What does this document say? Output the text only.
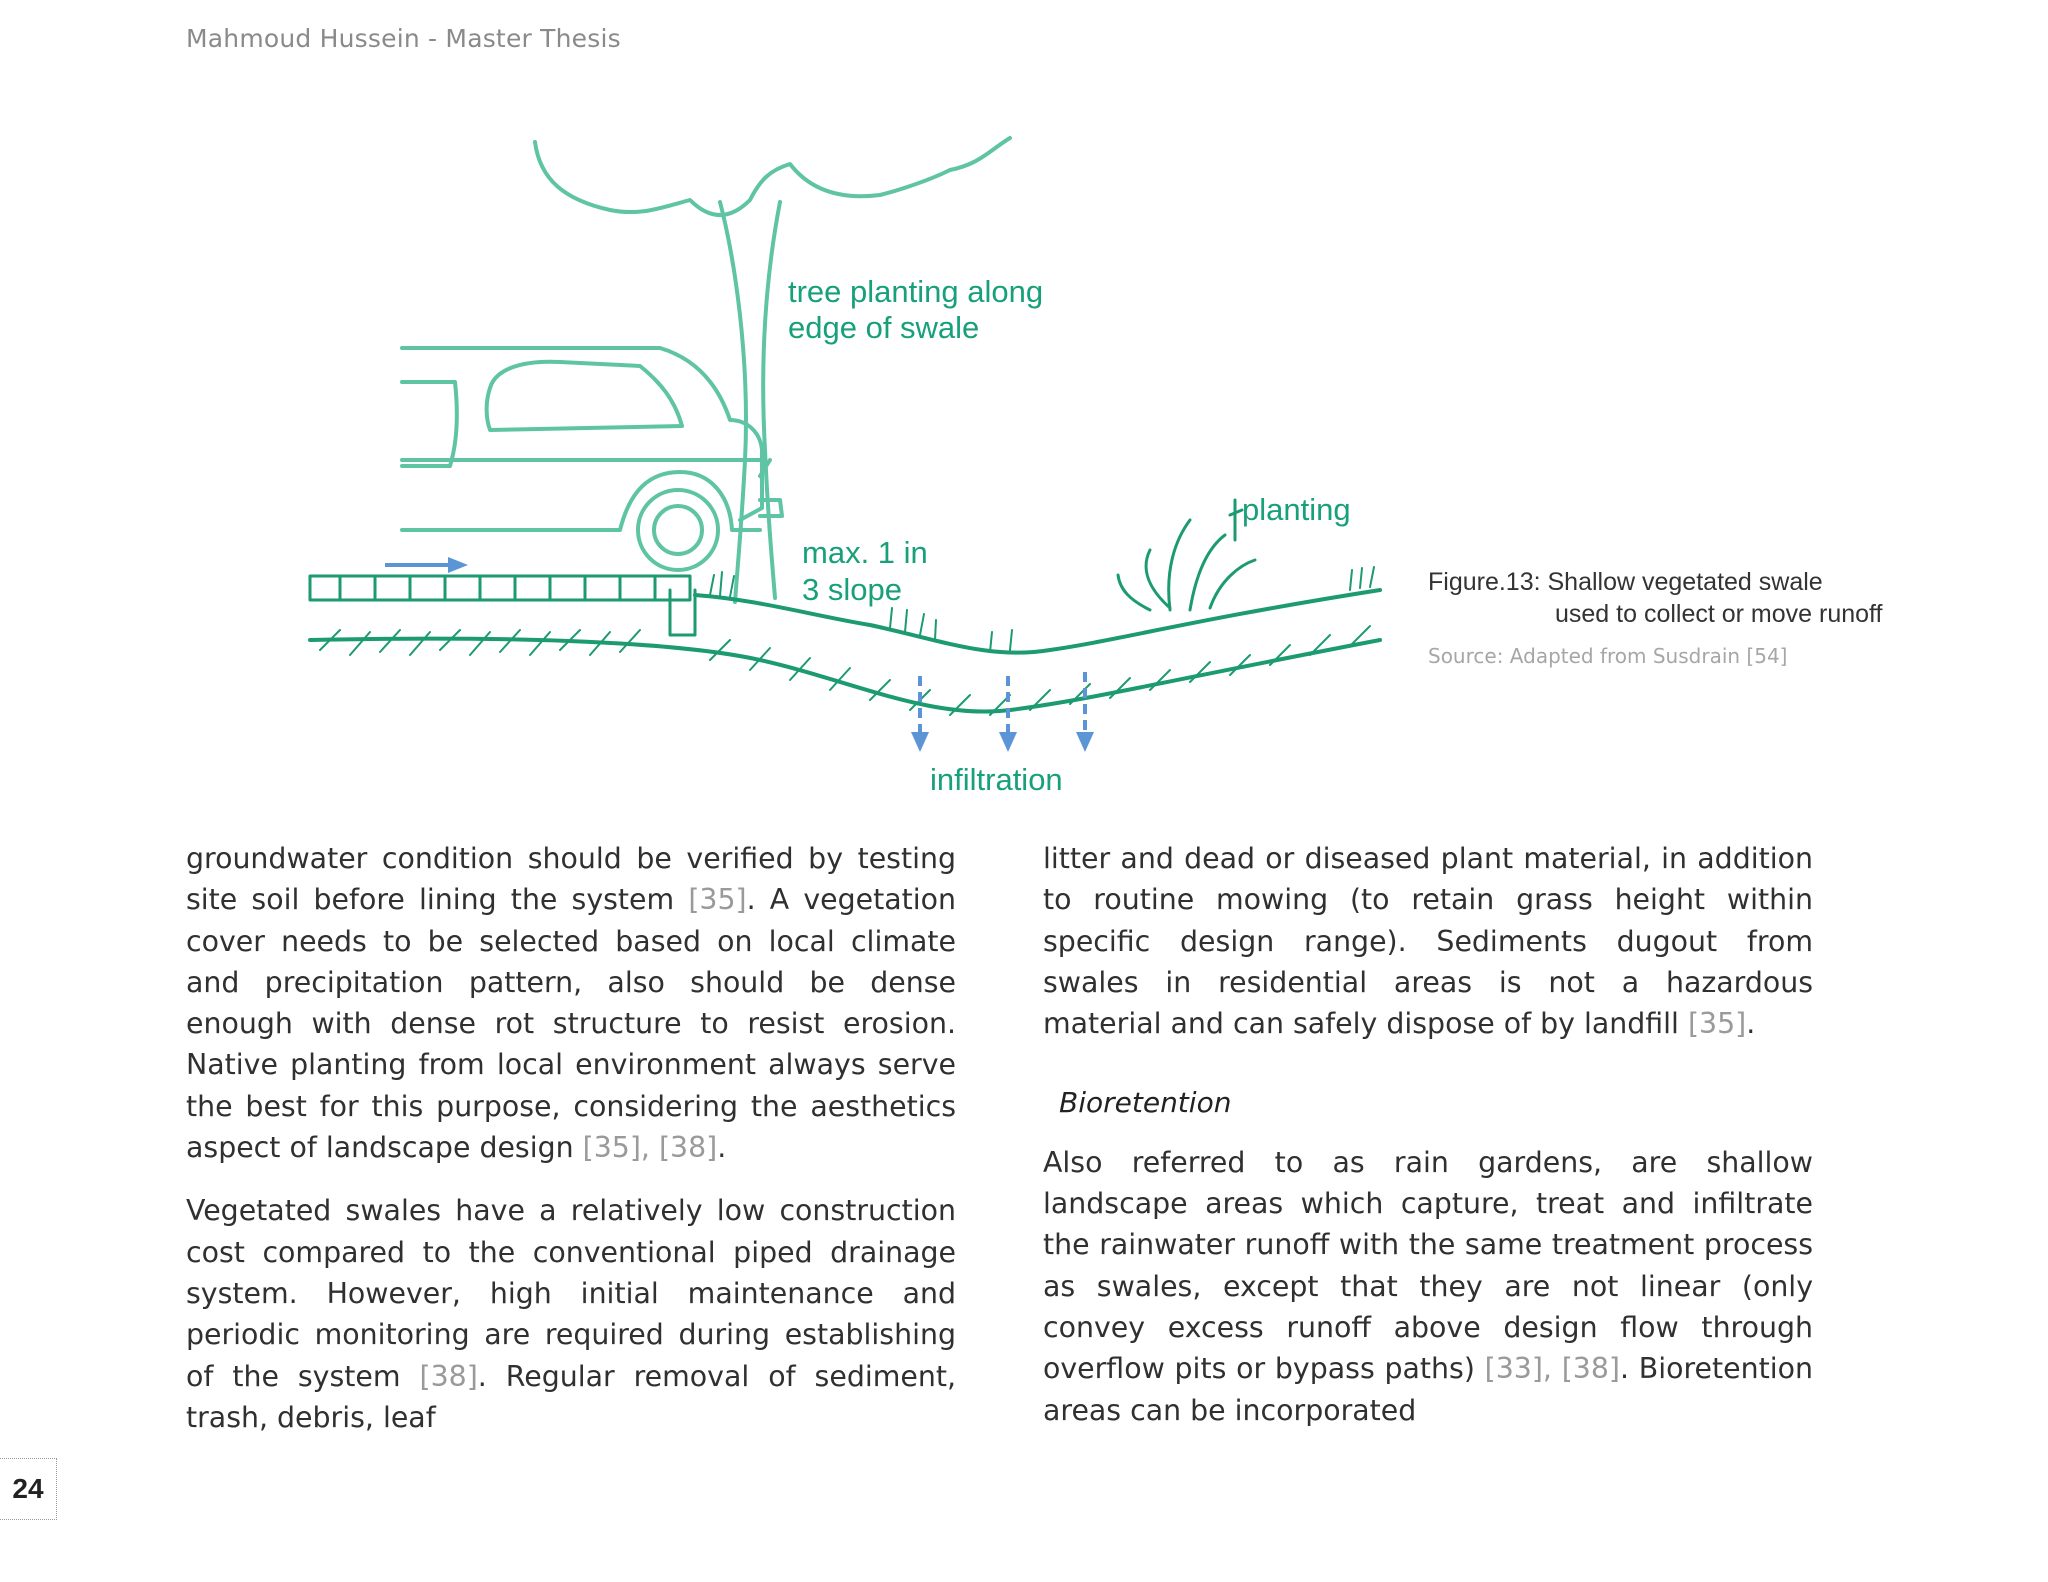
Mahmoud Hussein - Master Thesis
tree planting along
edge of swale
max. 1 in
3 slope
planting
infiltration
Figure.13: Shallow vegetated swale
used to collect or move runoff
Source: Adapted from Susdrain [54]

groundwater condition should be verified by testing site soil before lining the system [35]. A vegetation cover needs to be selected based on local climate and precipitation pattern, also should be dense enough with dense rot structure to resist erosion. Native planting from local environment always serve the best for this purpose, considering the aesthetics aspect of landscape design [35], [38].

Vegetated swales have a relatively low construction cost compared to the conventional piped drainage system. However, high initial maintenance and periodic monitoring are required during establishing of the system [38]. Regular removal of sediment, trash, debris, leaf

litter and dead or diseased plant material, in addition to routine mowing (to retain grass height within specific design range). Sediments dugout from swales in residential areas is not a hazardous material and can safely dispose of by landfill [35].

Bioretention

Also referred to as rain gardens, are shallow landscape areas which capture, treat and infiltrate the rainwater runoff with the same treatment process as swales, except that they are not linear (only convey excess runoff above design flow through overflow pits or bypass paths) [33], [38]. Bioretention areas can be incorporated

24
